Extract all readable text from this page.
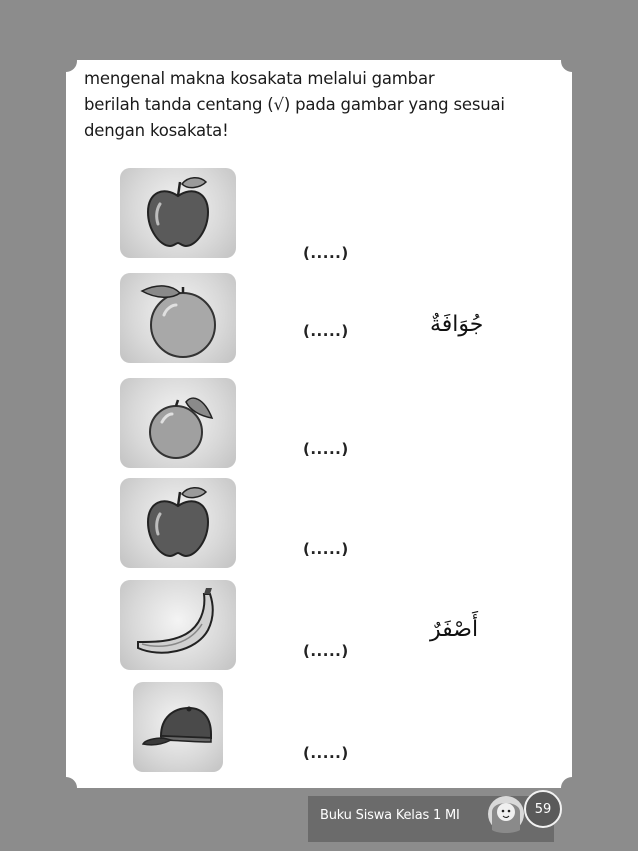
mengenal makna kosakata melalui gambar
berilah tanda centang (√) pada gambar yang sesuai
dengan kosakata!
(.....)
(.....)
(.....)
(.....)
(.....)
(.....)
جُوَافَةٌ
أَصْفَرٌ
Buku Siswa Kelas 1 MI	59
